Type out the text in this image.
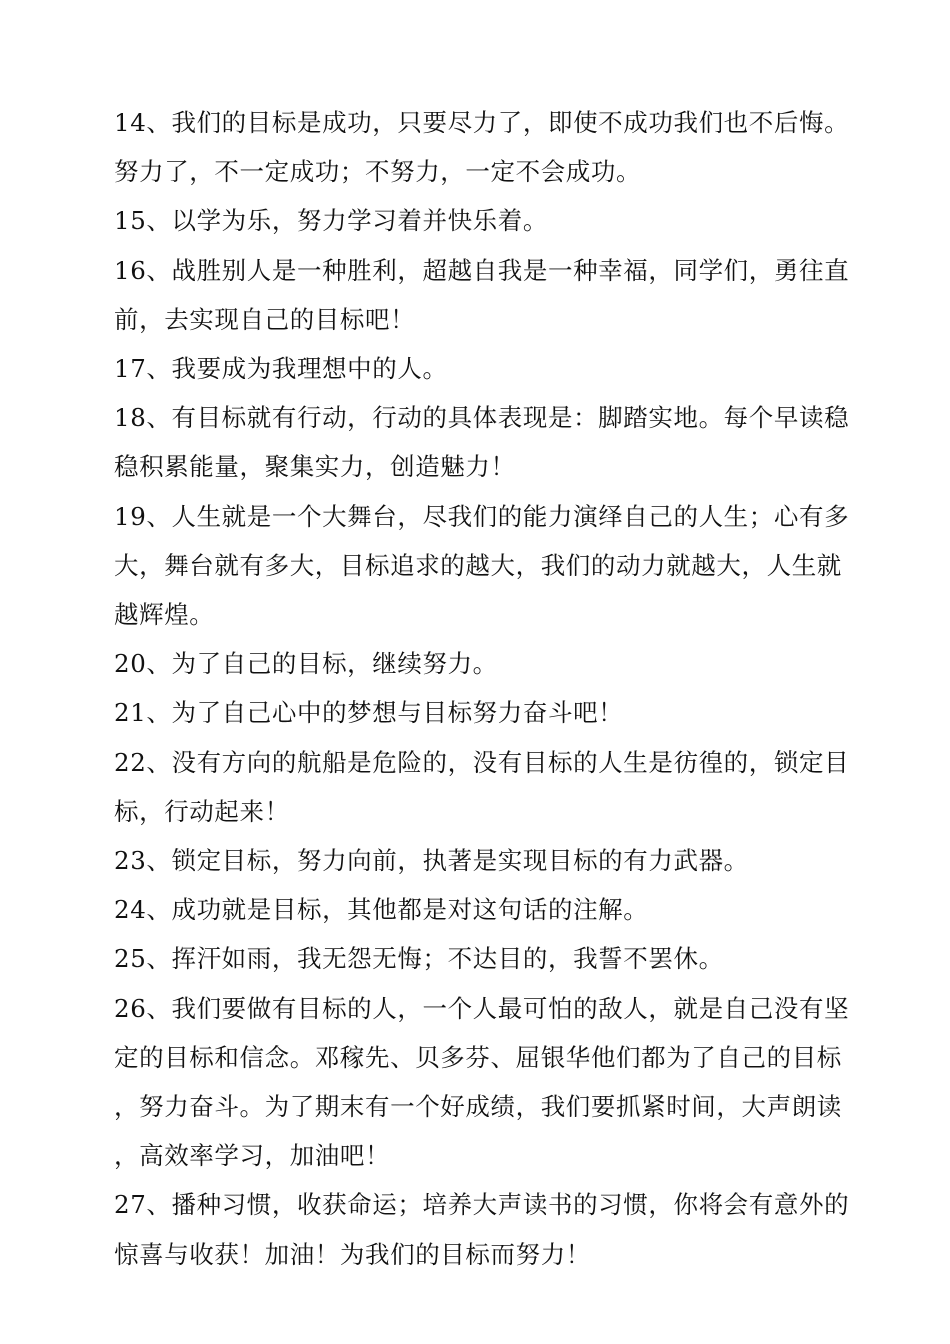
14、我们的目标是成功，只要尽力了，即使不成功我们也不后悔。努力了，不一定成功；不努力，一定不会成功。

15、以学为乐，努力学习着并快乐着。

16、战胜别人是一种胜利，超越自我是一种幸福，同学们，勇往直前，去实现自己的目标吧！

17、我要成为我理想中的人。

18、有目标就有行动，行动的具体表现是：脚踏实地。每个早读稳稳积累能量，聚集实力，创造魅力！

19、人生就是一个大舞台，尽我们的能力演绎自己的人生；心有多大，舞台就有多大，目标追求的越大，我们的动力就越大，人生就越辉煌。

20、为了自己的目标，继续努力。

21、为了自己心中的梦想与目标努力奋斗吧！

22、没有方向的航船是危险的，没有目标的人生是彷徨的，锁定目标，行动起来！

23、锁定目标，努力向前，执著是实现目标的有力武器。

24、成功就是目标，其他都是对这句话的注解。

25、挥汗如雨，我无怨无悔；不达目的，我誓不罢休。

26、我们要做有目标的人，一个人最可怕的敌人，就是自己没有坚定的目标和信念。邓稼先、贝多芬、屈银华他们都为了自己的目标，努力奋斗。为了期末有一个好成绩，我们要抓紧时间，大声朗读，高效率学习，加油吧！

27、播种习惯，收获命运；培养大声读书的习惯，你将会有意外的惊喜与收获！加油！为我们的目标而努力！
